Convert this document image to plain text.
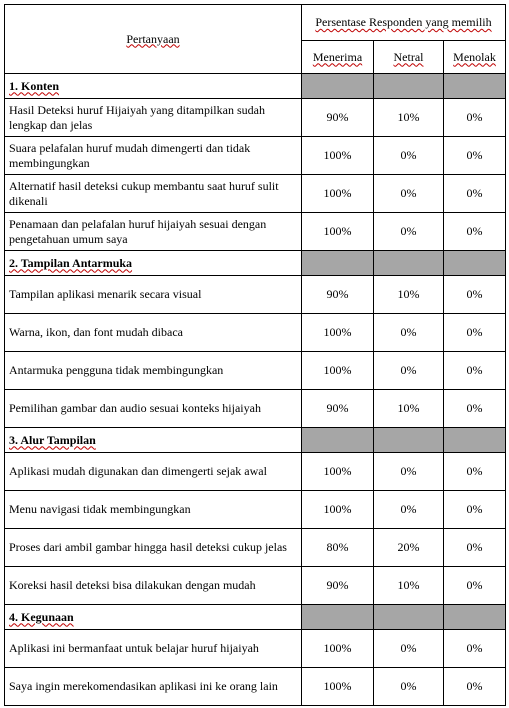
Pertanyaan	Persentase Responden yang memilih		
	Menerima	Netral	Menolak
1. Konten			

Hasil Deteksi huruf Hijaiyah yang ditampilkan sudah lengkap dan jelas	90%	10%	0%

Suara pelafalan huruf mudah dimengerti dan tidak membingungkan	100%	0%	0%

Alternatif hasil deteksi cukup membantu saat huruf sulit dikenali	100%	0%	0%

Penamaan dan pelafalan huruf hijaiyah sesuai dengan pengetahuan umum saya	100%	0%	0%
2. Tampilan Antarmuka			

Tampilan aplikasi menarik secara visual	90%	10%	0%

Warna, ikon, dan font mudah dibaca	100%	0%	0%

Antarmuka pengguna tidak membingungkan	100%	0%	0%

Pemilihan gambar dan audio sesuai konteks hijaiyah	90%	10%	0%
3. Alur Tampilan			

Aplikasi mudah digunakan dan dimengerti sejak awal	100%	0%	0%

Menu navigasi tidak membingungkan	100%	0%	0%

Proses dari ambil gambar hingga hasil deteksi cukup jelas	80%	20%	0%

Koreksi hasil deteksi bisa dilakukan dengan mudah	90%	10%	0%
4. Kegunaan			

Aplikasi ini bermanfaat untuk belajar huruf hijaiyah	100%	0%	0%

Saya ingin merekomendasikan aplikasi ini ke orang lain	100%	0%	0%
